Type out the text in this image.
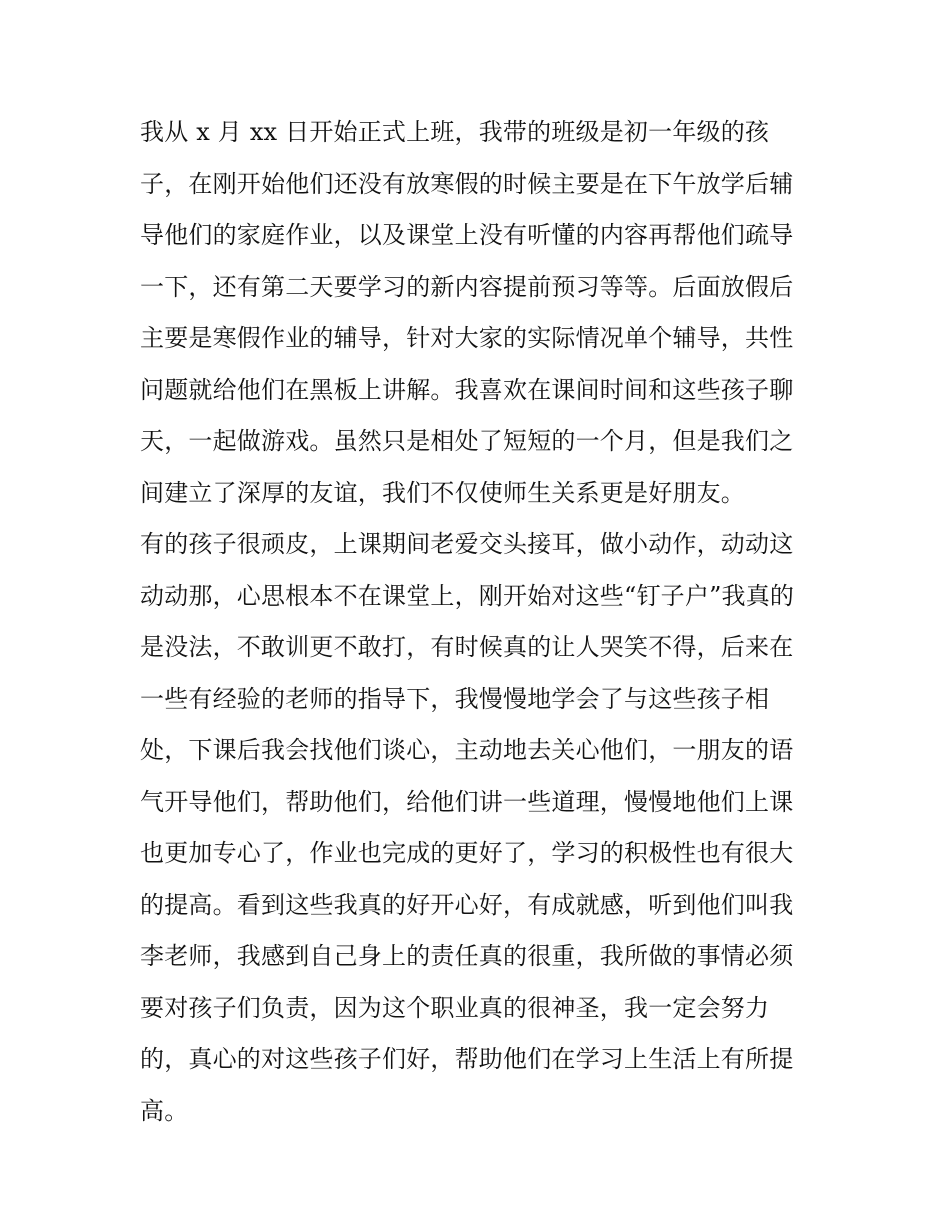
我从 x 月 xx 日开始正式上班，我带的班级是初一年级的孩
子，在刚开始他们还没有放寒假的时候主要是在下午放学后辅
导他们的家庭作业，以及课堂上没有听懂的内容再帮他们疏导
一下，还有第二天要学习的新内容提前预习等等。后面放假后
主要是寒假作业的辅导，针对大家的实际情况单个辅导，共性
问题就给他们在黑板上讲解。我喜欢在课间时间和这些孩子聊
天，一起做游戏。虽然只是相处了短短的一个月，但是我们之
间建立了深厚的友谊，我们不仅使师生关系更是好朋友。
有的孩子很顽皮，上课期间老爱交头接耳，做小动作，动动这
动动那，心思根本不在课堂上，刚开始对这些“钉子户”我真的
是没法，不敢训更不敢打，有时候真的让人哭笑不得，后来在
一些有经验的老师的指导下，我慢慢地学会了与这些孩子相
处，下课后我会找他们谈心，主动地去关心他们，一朋友的语
气开导他们，帮助他们，给他们讲一些道理，慢慢地他们上课
也更加专心了，作业也完成的更好了，学习的积极性也有很大
的提高。看到这些我真的好开心好，有成就感，听到他们叫我
李老师，我感到自己身上的责任真的很重，我所做的事情必须
要对孩子们负责，因为这个职业真的很神圣，我一定会努力
的，真心的对这些孩子们好，帮助他们在学习上生活上有所提
高。
